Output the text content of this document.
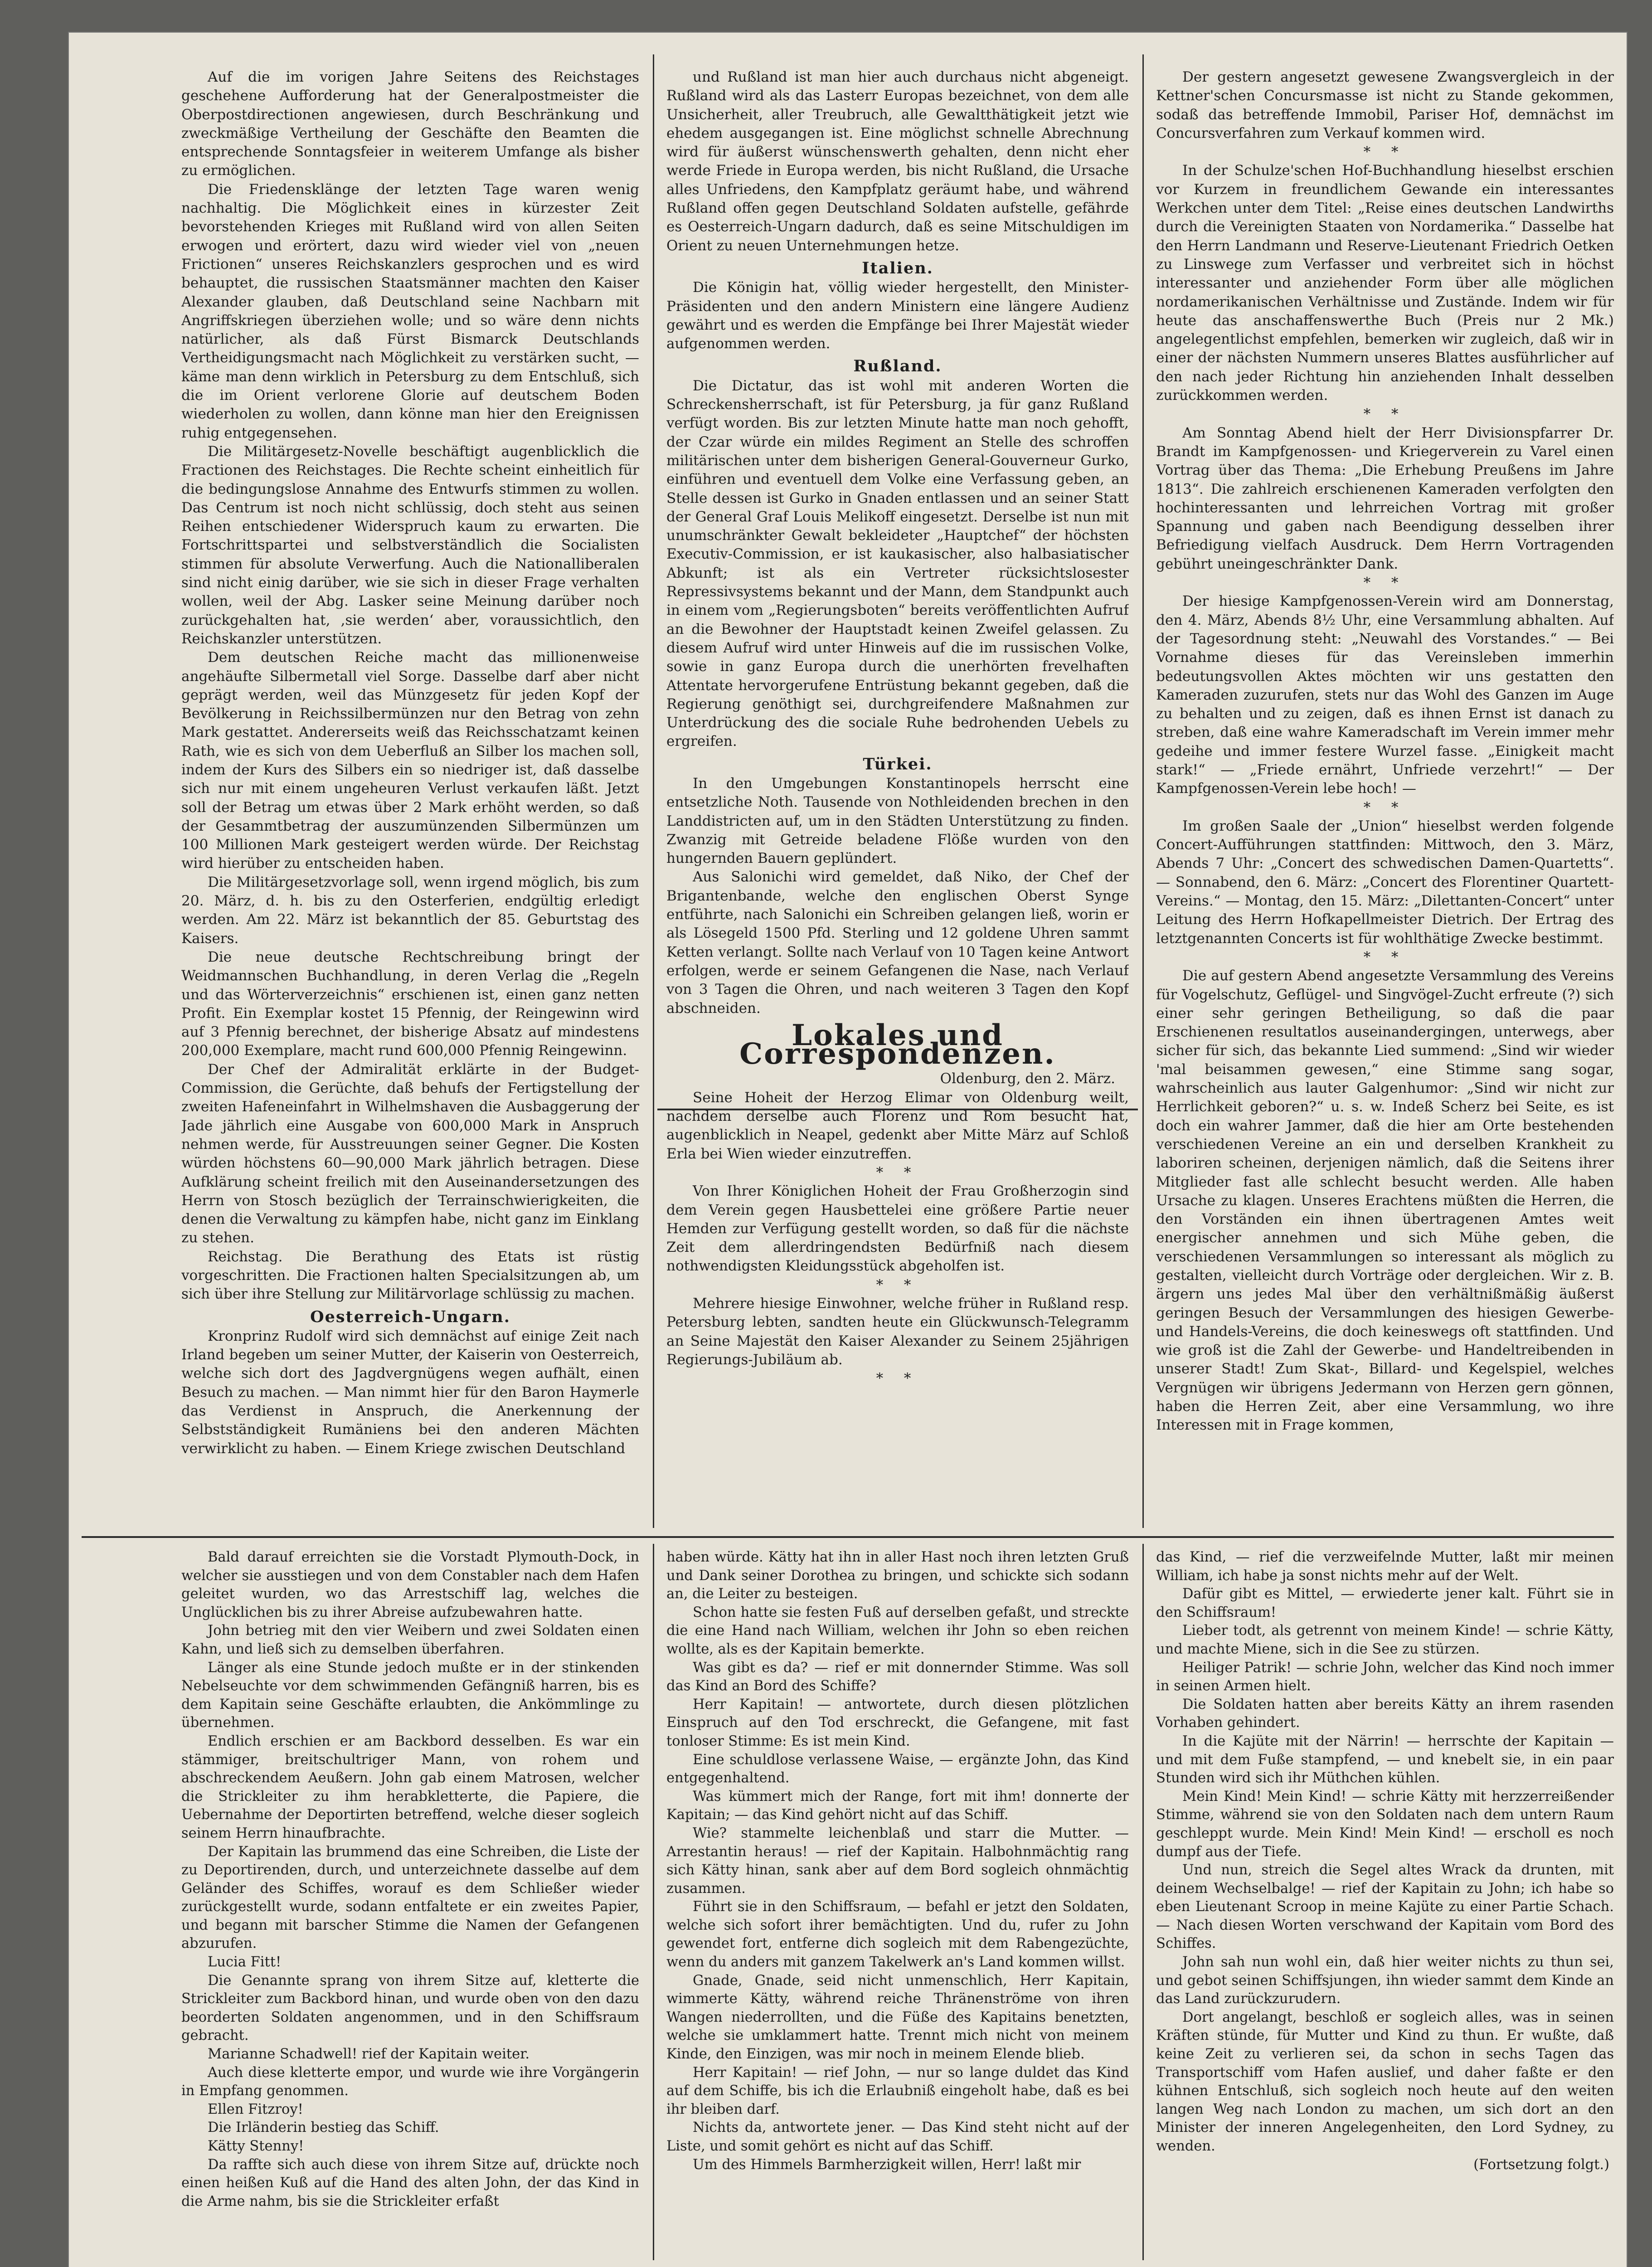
Auf die im vorigen Jahre Seitens des Reichstages geschehene Aufforderung hat der Generalpostmeister die Oberpostdirectionen angewiesen, durch Beschränkung und zweckmäßige Vertheilung der Geschäfte den Beamten die entsprechende Sonntagsfeier in weiterem Umfange als bisher zu ermöglichen.

Die Friedensklänge der letzten Tage waren wenig nachhaltig. Die Möglichkeit eines in kürzester Zeit bevorstehenden Krieges mit Rußland wird von allen Seiten erwogen und erörtert, dazu wird wieder viel von „neuen Frictionen“ unseres Reichskanzlers gesprochen und es wird behauptet, die russischen Staatsmänner machten den Kaiser Alexander glauben, daß Deutschland seine Nachbarn mit Angriffskriegen überziehen wolle; und so wäre denn nichts natürlicher, als daß Fürst Bismarck Deutschlands Vertheidigungsmacht nach Möglichkeit zu verstärken sucht, — käme man denn wirklich in Petersburg zu dem Entschluß, sich die im Orient verlorene Glorie auf deutschem Boden wiederholen zu wollen, dann könne man hier den Ereignissen ruhig entgegensehen.

Die Militärgesetz-Novelle beschäftigt augenblicklich die Fractionen des Reichstages. Die Rechte scheint einheitlich für die bedingungslose Annahme des Entwurfs stimmen zu wollen. Das Centrum ist noch nicht schlüssig, doch steht aus seinen Reihen entschiedener Widerspruch kaum zu erwarten. Die Fortschrittspartei und selbstverständlich die Socialisten stimmen für absolute Verwerfung. Auch die Nationalliberalen sind nicht einig darüber, wie sie sich in dieser Frage verhalten wollen, weil der Abg. Lasker seine Meinung darüber noch zurückgehalten hat, ,sie werden‘ aber, voraussichtlich, den Reichskanzler unterstützen.

Dem deutschen Reiche macht das millionenweise angehäufte Silbermetall viel Sorge. Dasselbe darf aber nicht geprägt werden, weil das Münzgesetz für jeden Kopf der Bevölkerung in Reichssilbermünzen nur den Betrag von zehn Mark gestattet. Andererseits weiß das Reichsschatzamt keinen Rath, wie es sich von dem Ueberfluß an Silber los machen soll, indem der Kurs des Silbers ein so niedriger ist, daß dasselbe sich nur mit einem ungeheuren Verlust verkaufen läßt. Jetzt soll der Betrag um etwas über 2 Mark erhöht werden, so daß der Gesammtbetrag der auszumünzenden Silbermünzen um 100 Millionen Mark gesteigert werden würde. Der Reichstag wird hierüber zu entscheiden haben.

Die Militärgesetzvorlage soll, wenn irgend möglich, bis zum 20. März, d. h. bis zu den Osterferien, endgültig erledigt werden. Am 22. März ist bekanntlich der 85. Geburtstag des Kaisers.

Die neue deutsche Rechtschreibung bringt der Weidmannschen Buchhandlung, in deren Verlag die „Regeln und das Wörterverzeichnis“ erschienen ist, einen ganz netten Profit. Ein Exemplar kostet 15 Pfennig, der Reingewinn wird auf 3 Pfennig berechnet, der bisherige Absatz auf mindestens 200,000 Exemplare, macht rund 600,000 Pfennig Reingewinn.

Der Chef der Admiralität erklärte in der Budget-Commission, die Gerüchte, daß behufs der Fertigstellung der zweiten Hafeneinfahrt in Wilhelmshaven die Ausbaggerung der Jade jährlich eine Ausgabe von 600,000 Mark in Anspruch nehmen werde, für Ausstreuungen seiner Gegner. Die Kosten würden höchstens 60—90,000 Mark jährlich betragen. Diese Aufklärung scheint freilich mit den Auseinandersetzungen des Herrn von Stosch bezüglich der Terrainschwierigkeiten, die denen die Verwaltung zu kämpfen habe, nicht ganz im Einklang zu stehen.

Reichstag. Die Berathung des Etats ist rüstig vorgeschritten. Die Fractionen halten Specialsitzungen ab, um sich über ihre Stellung zur Militärvorlage schlüssig zu machen.

Oesterreich-Ungarn.

Kronprinz Rudolf wird sich demnächst auf einige Zeit nach Irland begeben um seiner Mutter, der Kaiserin von Oesterreich, welche sich dort des Jagdvergnügens wegen aufhält, einen Besuch zu machen. — Man nimmt hier für den Baron Haymerle das Verdienst in Anspruch, die Anerkennung der Selbstständigkeit Rumäniens bei den anderen Mächten verwirklicht zu haben. — Einem Kriege zwischen Deutschland

und Rußland ist man hier auch durchaus nicht abgeneigt. Rußland wird als das Lasterr Europas bezeichnet, von dem alle Unsicherheit, aller Treubruch, alle Gewaltthätigkeit jetzt wie ehedem ausgegangen ist. Eine möglichst schnelle Abrechnung wird für äußerst wünschenswerth gehalten, denn nicht eher werde Friede in Europa werden, bis nicht Rußland, die Ursache alles Unfriedens, den Kampfplatz geräumt habe, und während Rußland offen gegen Deutschland Soldaten aufstelle, gefährde es Oesterreich-Ungarn dadurch, daß es seine Mitschuldigen im Orient zu neuen Unternehmungen hetze.

Italien.

Die Königin hat, völlig wieder hergestellt, den Minister-Präsidenten und den andern Ministern eine längere Audienz gewährt und es werden die Empfänge bei Ihrer Majestät wieder aufgenommen werden.

Rußland.

Die Dictatur, das ist wohl mit anderen Worten die Schreckensherrschaft, ist für Petersburg, ja für ganz Rußland verfügt worden. Bis zur letzten Minute hatte man noch gehofft, der Czar würde ein mildes Regiment an Stelle des schroffen militärischen unter dem bisherigen General-Gouverneur Gurko, einführen und eventuell dem Volke eine Verfassung geben, an Stelle dessen ist Gurko in Gnaden entlassen und an seiner Statt der General Graf Louis Melikoff eingesetzt. Derselbe ist nun mit unumschränkter Gewalt bekleideter „Hauptchef“ der höchsten Executiv-Commission, er ist kaukasischer, also halbasiatischer Abkunft; ist als ein Vertreter rücksichtslosester Repressivsystems bekannt und der Mann, dem Standpunkt auch in einem vom „Regierungsboten“ bereits veröffentlichten Aufruf an die Bewohner der Hauptstadt keinen Zweifel gelassen. Zu diesem Aufruf wird unter Hinweis auf die im russischen Volke, sowie in ganz Europa durch die unerhörten frevelhaften Attentate hervorgerufene Entrüstung bekannt gegeben, daß die Regierung genöthigt sei, durchgreifendere Maßnahmen zur Unterdrückung des die sociale Ruhe bedrohenden Uebels zu ergreifen.

Türkei.

In den Umgebungen Konstantinopels herrscht eine entsetzliche Noth. Tausende von Nothleidenden brechen in den Landdistricten auf, um in den Städten Unterstützung zu finden. Zwanzig mit Getreide beladene Flöße wurden von den hungernden Bauern geplündert.

Aus Salonichi wird gemeldet, daß Niko, der Chef der Brigantenbande, welche den englischen Oberst Synge entführte, nach Salonichi ein Schreiben gelangen ließ, worin er als Lösegeld 1500 Pfd. Sterling und 12 goldene Uhren sammt Ketten verlangt. Sollte nach Verlauf von 10 Tagen keine Antwort erfolgen, werde er seinem Gefangenen die Nase, nach Verlauf von 3 Tagen die Ohren, und nach weiteren 3 Tagen den Kopf abschneiden.

Lokales und Correspondenzen.

Oldenburg, den 2. März.

Seine Hoheit der Herzog Elimar von Oldenburg weilt, nachdem derselbe auch Florenz und Rom besucht hat, augenblicklich in Neapel, gedenkt aber Mitte März auf Schloß Erla bei Wien wieder einzutreffen.

* *

Von Ihrer Königlichen Hoheit der Frau Großherzogin sind dem Verein gegen Hausbettelei eine größere Partie neuer Hemden zur Verfügung gestellt worden, so daß für die nächste Zeit dem allerdringendsten Bedürfniß nach diesem nothwendigsten Kleidungsstück abgeholfen ist.

* *

Mehrere hiesige Einwohner, welche früher in Rußland resp. Petersburg lebten, sandten heute ein Glückwunsch-Telegramm an Seine Majestät den Kaiser Alexander zu Seinem 25jährigen Regierungs-Jubiläum ab.

* *

Der gestern angesetzt gewesene Zwangsvergleich in der Kettner'schen Concursmasse ist nicht zu Stande gekommen, sodaß das betreffende Immobil, Pariser Hof, demnächst im Concursverfahren zum Verkauf kommen wird.

* *

In der Schulze'schen Hof-Buchhandlung hieselbst erschien vor Kurzem in freundlichem Gewande ein interessantes Werkchen unter dem Titel: „Reise eines deutschen Landwirths durch die Vereinigten Staaten von Nordamerika.“ Dasselbe hat den Herrn Landmann und Reserve-Lieutenant Friedrich Oetken zu Linswege zum Verfasser und verbreitet sich in höchst interessanter und anziehender Form über alle möglichen nordamerikanischen Verhältnisse und Zustände. Indem wir für heute das anschaffenswerthe Buch (Preis nur 2 Mk.) angelegentlichst empfehlen, bemerken wir zugleich, daß wir in einer der nächsten Nummern unseres Blattes ausführlicher auf den nach jeder Richtung hin anziehenden Inhalt desselben zurückkommen werden.

* *

Am Sonntag Abend hielt der Herr Divisionspfarrer Dr. Brandt im Kampfgenossen- und Kriegerverein zu Varel einen Vortrag über das Thema: „Die Erhebung Preußens im Jahre 1813“. Die zahlreich erschienenen Kameraden verfolgten den hochinteressanten und lehrreichen Vortrag mit großer Spannung und gaben nach Beendigung desselben ihrer Befriedigung vielfach Ausdruck. Dem Herrn Vortragenden gebührt uneingeschränkter Dank.

* *

Der hiesige Kampfgenossen-Verein wird am Donnerstag, den 4. März, Abends 8½ Uhr, eine Versammlung abhalten. Auf der Tagesordnung steht: „Neuwahl des Vorstandes.“ — Bei Vornahme dieses für das Vereinsleben immerhin bedeutungsvollen Aktes möchten wir uns gestatten den Kameraden zuzurufen, stets nur das Wohl des Ganzen im Auge zu behalten und zu zeigen, daß es ihnen Ernst ist danach zu streben, daß eine wahre Kameradschaft im Verein immer mehr gedeihe und immer festere Wurzel fasse. „Einigkeit macht stark!“ — „Friede ernährt, Unfriede verzehrt!“ — Der Kampfgenossen-Verein lebe hoch! —

* *

Im großen Saale der „Union“ hieselbst werden folgende Concert-Aufführungen stattfinden: Mittwoch, den 3. März, Abends 7 Uhr: „Concert des schwedischen Damen-Quartetts“. — Sonnabend, den 6. März: „Concert des Florentiner Quartett-Vereins.“ — Montag, den 15. März: „Dilettanten-Concert“ unter Leitung des Herrn Hofkapellmeister Dietrich. Der Ertrag des letztgenannten Concerts ist für wohlthätige Zwecke bestimmt.

* *

Die auf gestern Abend angesetzte Versammlung des Vereins für Vogelschutz, Geflügel- und Singvögel-Zucht erfreute (?) sich einer sehr geringen Betheiligung, so daß die paar Erschienenen resultatlos auseinandergingen, unterwegs, aber sicher für sich, das bekannte Lied summend: „Sind wir wieder 'mal beisammen gewesen,“ eine Stimme sang sogar, wahrscheinlich aus lauter Galgenhumor: „Sind wir nicht zur Herrlichkeit geboren?“ u. s. w. Indeß Scherz bei Seite, es ist doch ein wahrer Jammer, daß die hier am Orte bestehenden verschiedenen Vereine an ein und derselben Krankheit zu laboriren scheinen, derjenigen nämlich, daß die Seitens ihrer Mitglieder fast alle schlecht besucht werden. Alle haben Ursache zu klagen. Unseres Erachtens müßten die Herren, die den Vorständen ein ihnen übertragenen Amtes weit energischer annehmen und sich Mühe geben, die verschiedenen Versammlungen so interessant als möglich zu gestalten, vielleicht durch Vorträge oder dergleichen. Wir z. B. ärgern uns jedes Mal über den verhältnißmäßig äußerst geringen Besuch der Versammlungen des hiesigen Gewerbe- und Handels-Vereins, die doch keineswegs oft stattfinden. Und wie groß ist die Zahl der Gewerbe- und Handeltreibenden in unserer Stadt! Zum Skat-, Billard- und Kegelspiel, welches Vergnügen wir übrigens Jedermann von Herzen gern gönnen, haben die Herren Zeit, aber eine Versammlung, wo ihre Interessen mit in Frage kommen,

Bald darauf erreichten sie die Vorstadt Plymouth-Dock, in welcher sie ausstiegen und von dem Constabler nach dem Hafen geleitet wurden, wo das Arrestschiff lag, welches die Unglücklichen bis zu ihrer Abreise aufzubewahren hatte.

John betrieg mit den vier Weibern und zwei Soldaten einen Kahn, und ließ sich zu demselben überfahren.

Länger als eine Stunde jedoch mußte er in der stinkenden Nebelseuchte vor dem schwimmenden Gefängniß harren, bis es dem Kapitain seine Geschäfte erlaubten, die Ankömmlinge zu übernehmen.

Endlich erschien er am Backbord desselben. Es war ein stämmiger, breitschultriger Mann, von rohem und abschreckendem Aeußern. John gab einem Matrosen, welcher die Strickleiter zu ihm herabkletterte, die Papiere, die Uebernahme der Deportirten betreffend, welche dieser sogleich seinem Herrn hinaufbrachte.

Der Kapitain las brummend das eine Schreiben, die Liste der zu Deportirenden, durch, und unterzeichnete dasselbe auf dem Geländer des Schiffes, worauf es dem Schließer wieder zurückgestellt wurde, sodann entfaltete er ein zweites Papier, und begann mit barscher Stimme die Namen der Gefangenen abzurufen.

Lucia Fitt!

Die Genannte sprang von ihrem Sitze auf, kletterte die Strickleiter zum Backbord hinan, und wurde oben von den dazu beorderten Soldaten angenommen, und in den Schiffsraum gebracht.

Marianne Schadwell! rief der Kapitain weiter.

Auch diese kletterte empor, und wurde wie ihre Vorgängerin in Empfang genommen.

Ellen Fitzroy!

Die Irländerin bestieg das Schiff.

Kätty Stenny!

Da raffte sich auch diese von ihrem Sitze auf, drückte noch einen heißen Kuß auf die Hand des alten John, der das Kind in die Arme nahm, bis sie die Strickleiter erfaßt

haben würde. Kätty hat ihn in aller Hast noch ihren letzten Gruß und Dank seiner Dorothea zu bringen, und schickte sich sodann an, die Leiter zu besteigen.

Schon hatte sie festen Fuß auf derselben gefaßt, und streckte die eine Hand nach William, welchen ihr John so eben reichen wollte, als es der Kapitain bemerkte.

Was gibt es da? — rief er mit donnernder Stimme. Was soll das Kind an Bord des Schiffe?

Herr Kapitain! — antwortete, durch diesen plötzlichen Einspruch auf den Tod erschreckt, die Gefangene, mit fast tonloser Stimme: Es ist mein Kind.

Eine schuldlose verlassene Waise, — ergänzte John, das Kind entgegenhaltend.

Was kümmert mich der Range, fort mit ihm! donnerte der Kapitain; — das Kind gehört nicht auf das Schiff.

Wie? stammelte leichenblaß und starr die Mutter. — Arrestantin heraus! — rief der Kapitain. Halbohnmächtig rang sich Kätty hinan, sank aber auf dem Bord sogleich ohnmächtig zusammen.

Führt sie in den Schiffsraum, — befahl er jetzt den Soldaten, welche sich sofort ihrer bemächtigten. Und du, rufer zu John gewendet fort, entferne dich sogleich mit dem Rabengezüchte, wenn du anders mit ganzem Takelwerk an's Land kommen willst.

Gnade, Gnade, seid nicht unmenschlich, Herr Kapitain, wimmerte Kätty, während reiche Thränenströme von ihren Wangen niederrollten, und die Füße des Kapitains benetzten, welche sie umklammert hatte. Trennt mich nicht von meinem Kinde, den Einzigen, was mir noch in meinem Elende blieb.

Herr Kapitain! — rief John, — nur so lange duldet das Kind auf dem Schiffe, bis ich die Erlaubniß eingeholt habe, daß es bei ihr bleiben darf.

Nichts da, antwortete jener. — Das Kind steht nicht auf der Liste, und somit gehört es nicht auf das Schiff.

Um des Himmels Barmherzigkeit willen, Herr! laßt mir

das Kind, — rief die verzweifelnde Mutter, laßt mir meinen William, ich habe ja sonst nichts mehr auf der Welt.

Dafür gibt es Mittel, — erwiederte jener kalt. Führt sie in den Schiffsraum!

Lieber todt, als getrennt von meinem Kinde! — schrie Kätty, und machte Miene, sich in die See zu stürzen.

Heiliger Patrik! — schrie John, welcher das Kind noch immer in seinen Armen hielt.

Die Soldaten hatten aber bereits Kätty an ihrem rasenden Vorhaben gehindert.

In die Kajüte mit der Närrin! — herrschte der Kapitain — und mit dem Fuße stampfend, — und knebelt sie, in ein paar Stunden wird sich ihr Müthchen kühlen.

Mein Kind! Mein Kind! — schrie Kätty mit herzzerreißender Stimme, während sie von den Soldaten nach dem untern Raum geschleppt wurde. Mein Kind! Mein Kind! — erscholl es noch dumpf aus der Tiefe.

Und nun, streich die Segel altes Wrack da drunten, mit deinem Wechselbalge! — rief der Kapitain zu John; ich habe so eben Lieutenant Scroop in meine Kajüte zu einer Partie Schach. — Nach diesen Worten verschwand der Kapitain vom Bord des Schiffes.

John sah nun wohl ein, daß hier weiter nichts zu thun sei, und gebot seinen Schiffsjungen, ihn wieder sammt dem Kinde an das Land zurückzurudern.

Dort angelangt, beschloß er sogleich alles, was in seinen Kräften stünde, für Mutter und Kind zu thun. Er wußte, daß keine Zeit zu verlieren sei, da schon in sechs Tagen das Transportschiff vom Hafen auslief, und daher faßte er den kühnen Entschluß, sich sogleich noch heute auf den weiten langen Weg nach London zu machen, um sich dort an den Minister der inneren Angelegenheiten, den Lord Sydney, zu wenden.

(Fortsetzung folgt.)
